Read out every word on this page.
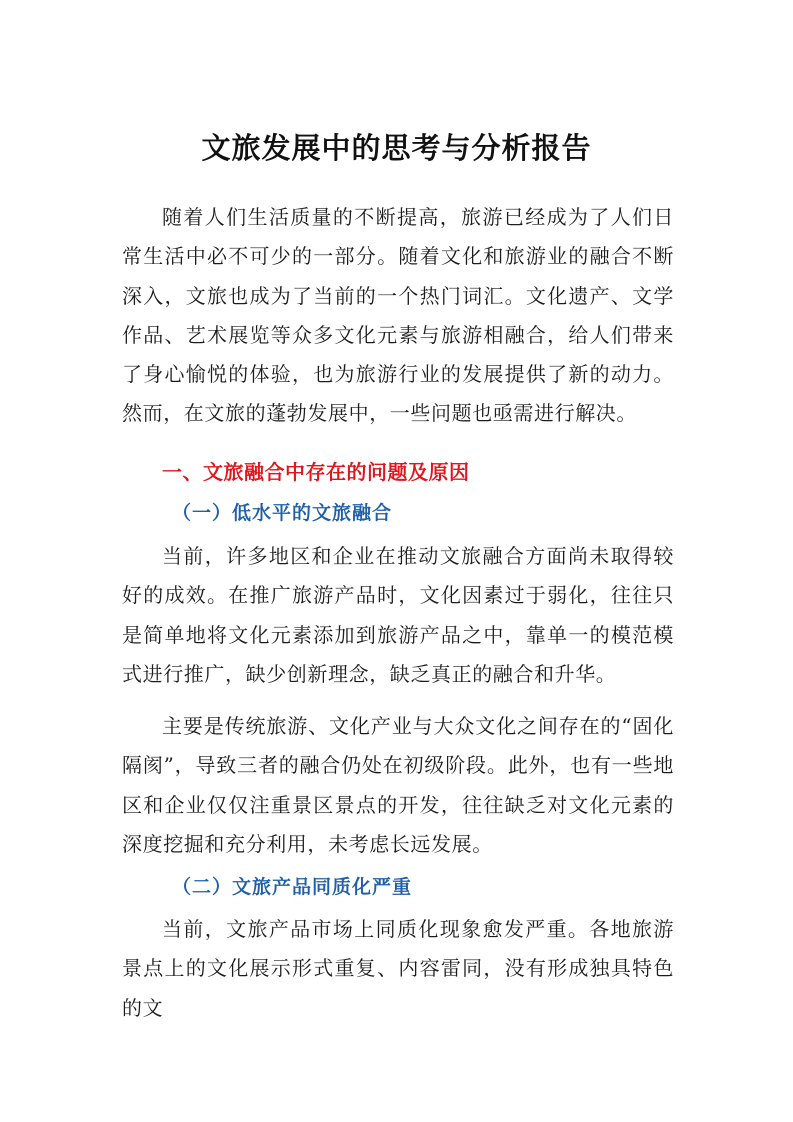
文旅发展中的思考与分析报告

随着人们生活质量的不断提高，旅游已经成为了人们日常生活中必不可少的一部分。随着文化和旅游业的融合不断深入，文旅也成为了当前的一个热门词汇。文化遗产、文学作品、艺术展览等众多文化元素与旅游相融合，给人们带来了身心愉悦的体验，也为旅游行业的发展提供了新的动力。然而，在文旅的蓬勃发展中，一些问题也亟需进行解决。

一、文旅融合中存在的问题及原因
（一）低水平的文旅融合

当前，许多地区和企业在推动文旅融合方面尚未取得较好的成效。在推广旅游产品时，文化因素过于弱化，往往只是简单地将文化元素添加到旅游产品之中，靠单一的模范模式进行推广，缺少创新理念，缺乏真正的融合和升华。

主要是传统旅游、文化产业与大众文化之间存在的“固化隔阂”，导致三者的融合仍处在初级阶段。此外，也有一些地区和企业仅仅注重景区景点的开发，往往缺乏对文化元素的深度挖掘和充分利用，未考虑长远发展。

（二）文旅产品同质化严重

当前，文旅产品市场上同质化现象愈发严重。各地旅游景点上的文化展示形式重复、内容雷同，没有形成独具特色的文
